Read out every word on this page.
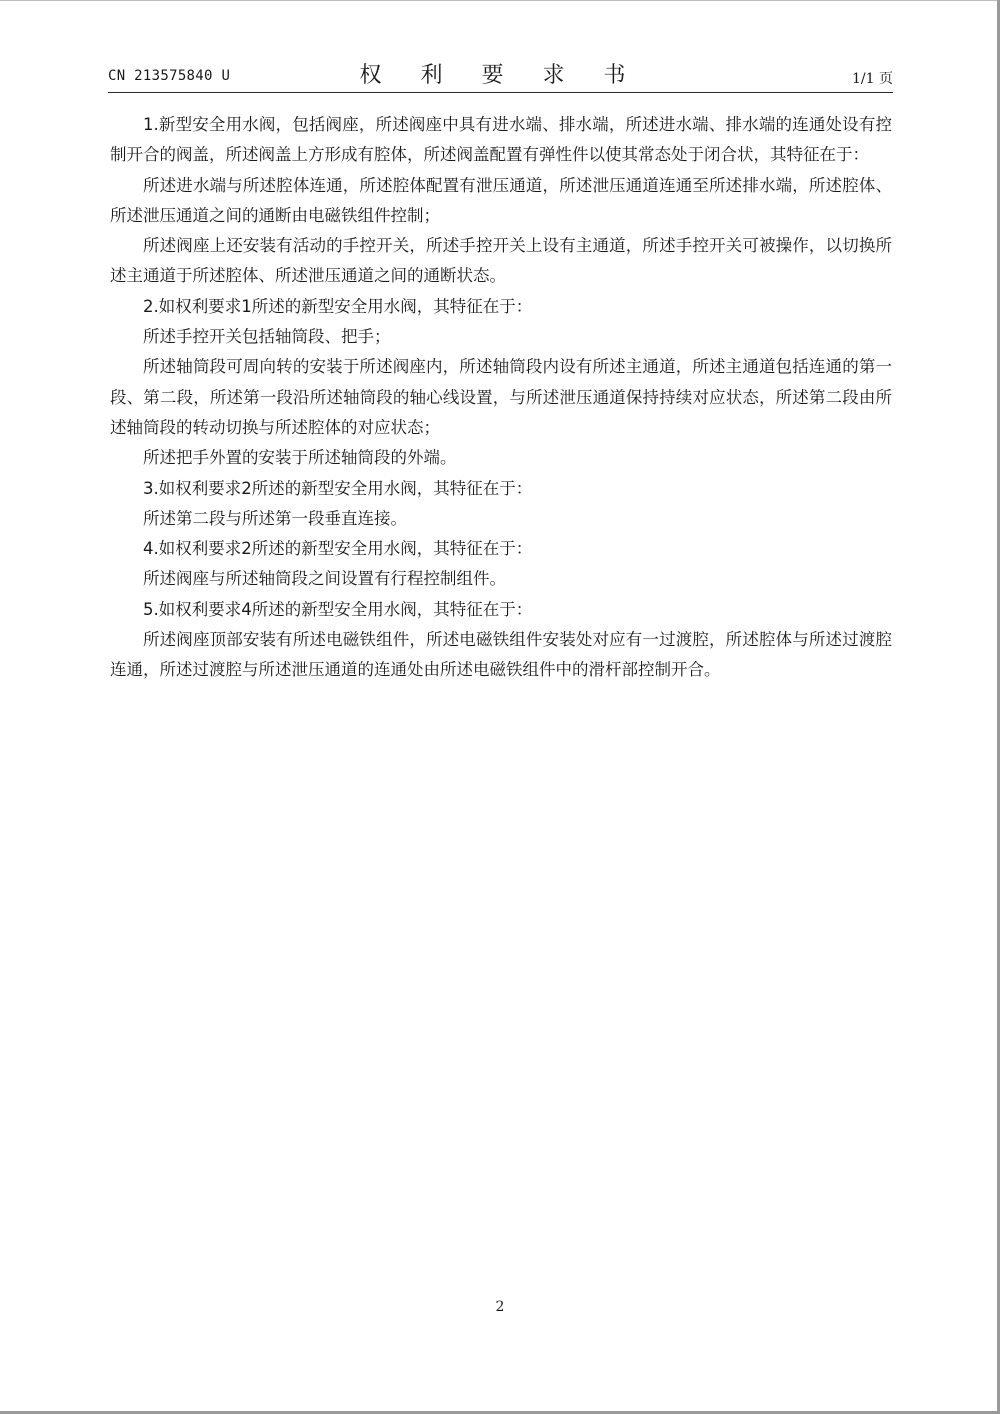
CN 213575840 U	权 利 要 求 书	1/1 页

1.新型安全用水阀，包括阀座，所述阀座中具有进水端、排水端，所述进水端、排水端的连通处设有控制开合的阀盖，所述阀盖上方形成有腔体，所述阀盖配置有弹性件以使其常态处于闭合状，其特征在于：

所述进水端与所述腔体连通，所述腔体配置有泄压通道，所述泄压通道连通至所述排水端，所述腔体、所述泄压通道之间的通断由电磁铁组件控制；

所述阀座上还安装有活动的手控开关，所述手控开关上设有主通道，所述手控开关可被操作，以切换所述主通道于所述腔体、所述泄压通道之间的通断状态。

2.如权利要求1所述的新型安全用水阀，其特征在于：

所述手控开关包括轴筒段、把手；

所述轴筒段可周向转的安装于所述阀座内，所述轴筒段内设有所述主通道，所述主通道包括连通的第一段、第二段，所述第一段沿所述轴筒段的轴心线设置，与所述泄压通道保持持续对应状态，所述第二段由所述轴筒段的转动切换与所述腔体的对应状态；

所述把手外置的安装于所述轴筒段的外端。

3.如权利要求2所述的新型安全用水阀，其特征在于：

所述第二段与所述第一段垂直连接。

4.如权利要求2所述的新型安全用水阀，其特征在于：

所述阀座与所述轴筒段之间设置有行程控制组件。

5.如权利要求4所述的新型安全用水阀，其特征在于：

所述阀座顶部安装有所述电磁铁组件，所述电磁铁组件安装处对应有一过渡腔，所述腔体与所述过渡腔连通，所述过渡腔与所述泄压通道的连通处由所述电磁铁组件中的滑杆部控制开合。

2
